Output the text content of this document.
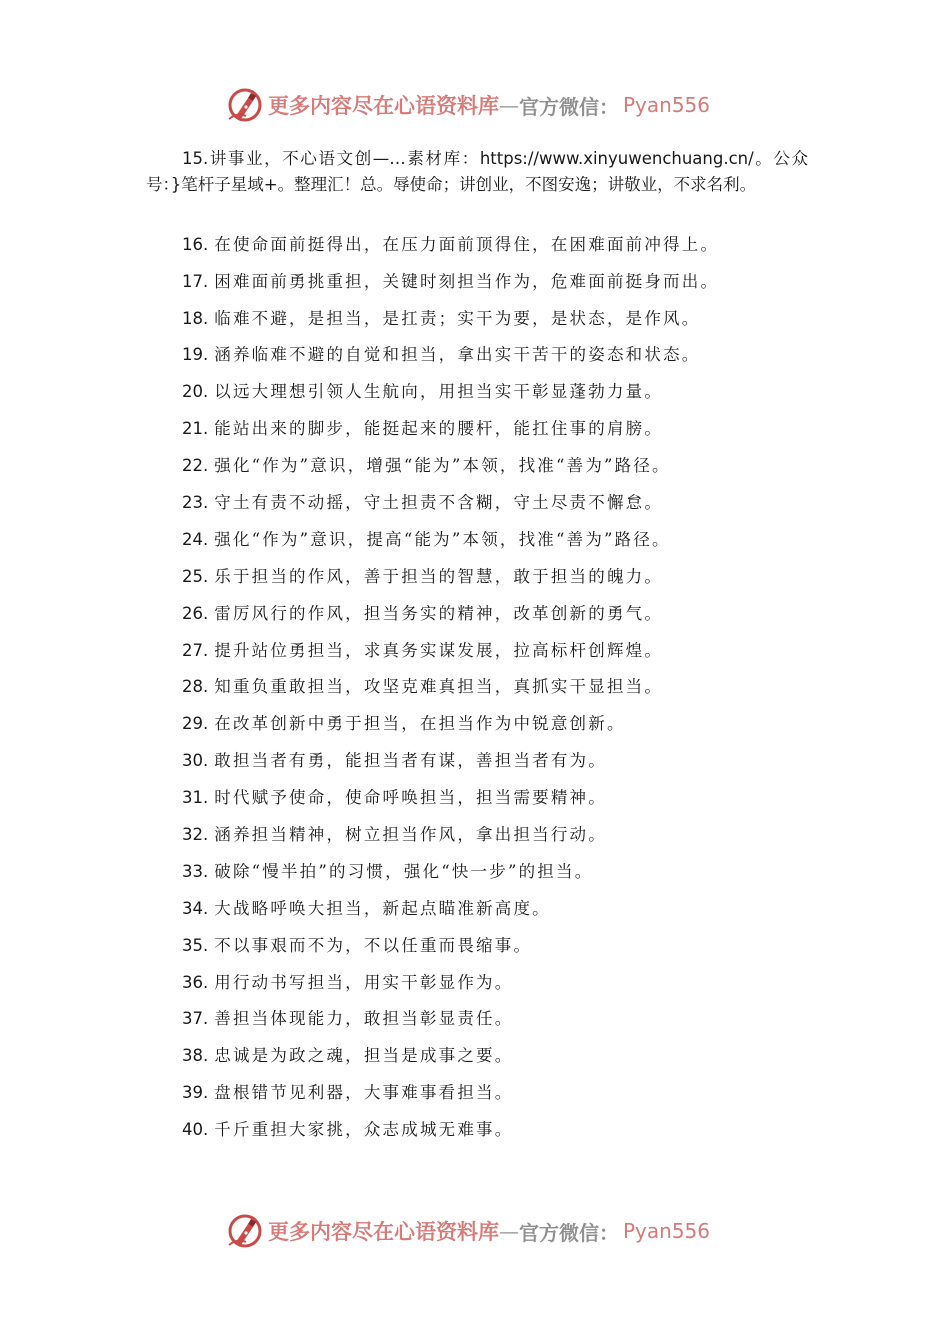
更多内容尽在心语资料库 — 官方微信： Pyan556

15.讲事业，不心语文创—…素材库：https://www.xinyuwenchuang.cn/。公众号：}笔杆子星域+。整理汇！总。辱使命；讲创业，不图安逸；讲敬业，不求名利。

16. 在使命面前挺得出，在压力面前顶得住，在困难面前冲得上。
17. 困难面前勇挑重担，关键时刻担当作为，危难面前挺身而出。
18. 临难不避，是担当，是扛责；实干为要，是状态，是作风。
19. 涵养临难不避的自觉和担当，拿出实干苦干的姿态和状态。
20. 以远大理想引领人生航向，用担当实干彰显蓬勃力量。
21. 能站出来的脚步，能挺起来的腰杆，能扛住事的肩膀。
22. 强化“作为”意识，增强“能为”本领，找准“善为”路径。
23. 守土有责不动摇，守土担责不含糊，守土尽责不懈怠。
24. 强化“作为”意识，提高“能为”本领，找准“善为”路径。
25. 乐于担当的作风，善于担当的智慧，敢于担当的魄力。
26. 雷厉风行的作风，担当务实的精神，改革创新的勇气。
27. 提升站位勇担当，求真务实谋发展，拉高标杆创辉煌。
28. 知重负重敢担当，攻坚克难真担当，真抓实干显担当。
29. 在改革创新中勇于担当，在担当作为中锐意创新。
30. 敢担当者有勇，能担当者有谋，善担当者有为。
31. 时代赋予使命，使命呼唤担当，担当需要精神。
32. 涵养担当精神，树立担当作风，拿出担当行动。
33. 破除“慢半拍”的习惯，强化“快一步”的担当。
34. 大战略呼唤大担当，新起点瞄准新高度。
35. 不以事艰而不为，不以任重而畏缩事。
36. 用行动书写担当，用实干彰显作为。
37. 善担当体现能力，敢担当彰显责任。
38. 忠诚是为政之魂，担当是成事之要。
39. 盘根错节见利器，大事难事看担当。
40. 千斤重担大家挑，众志成城无难事。
更多内容尽在心语资料库 — 官方微信： Pyan556
